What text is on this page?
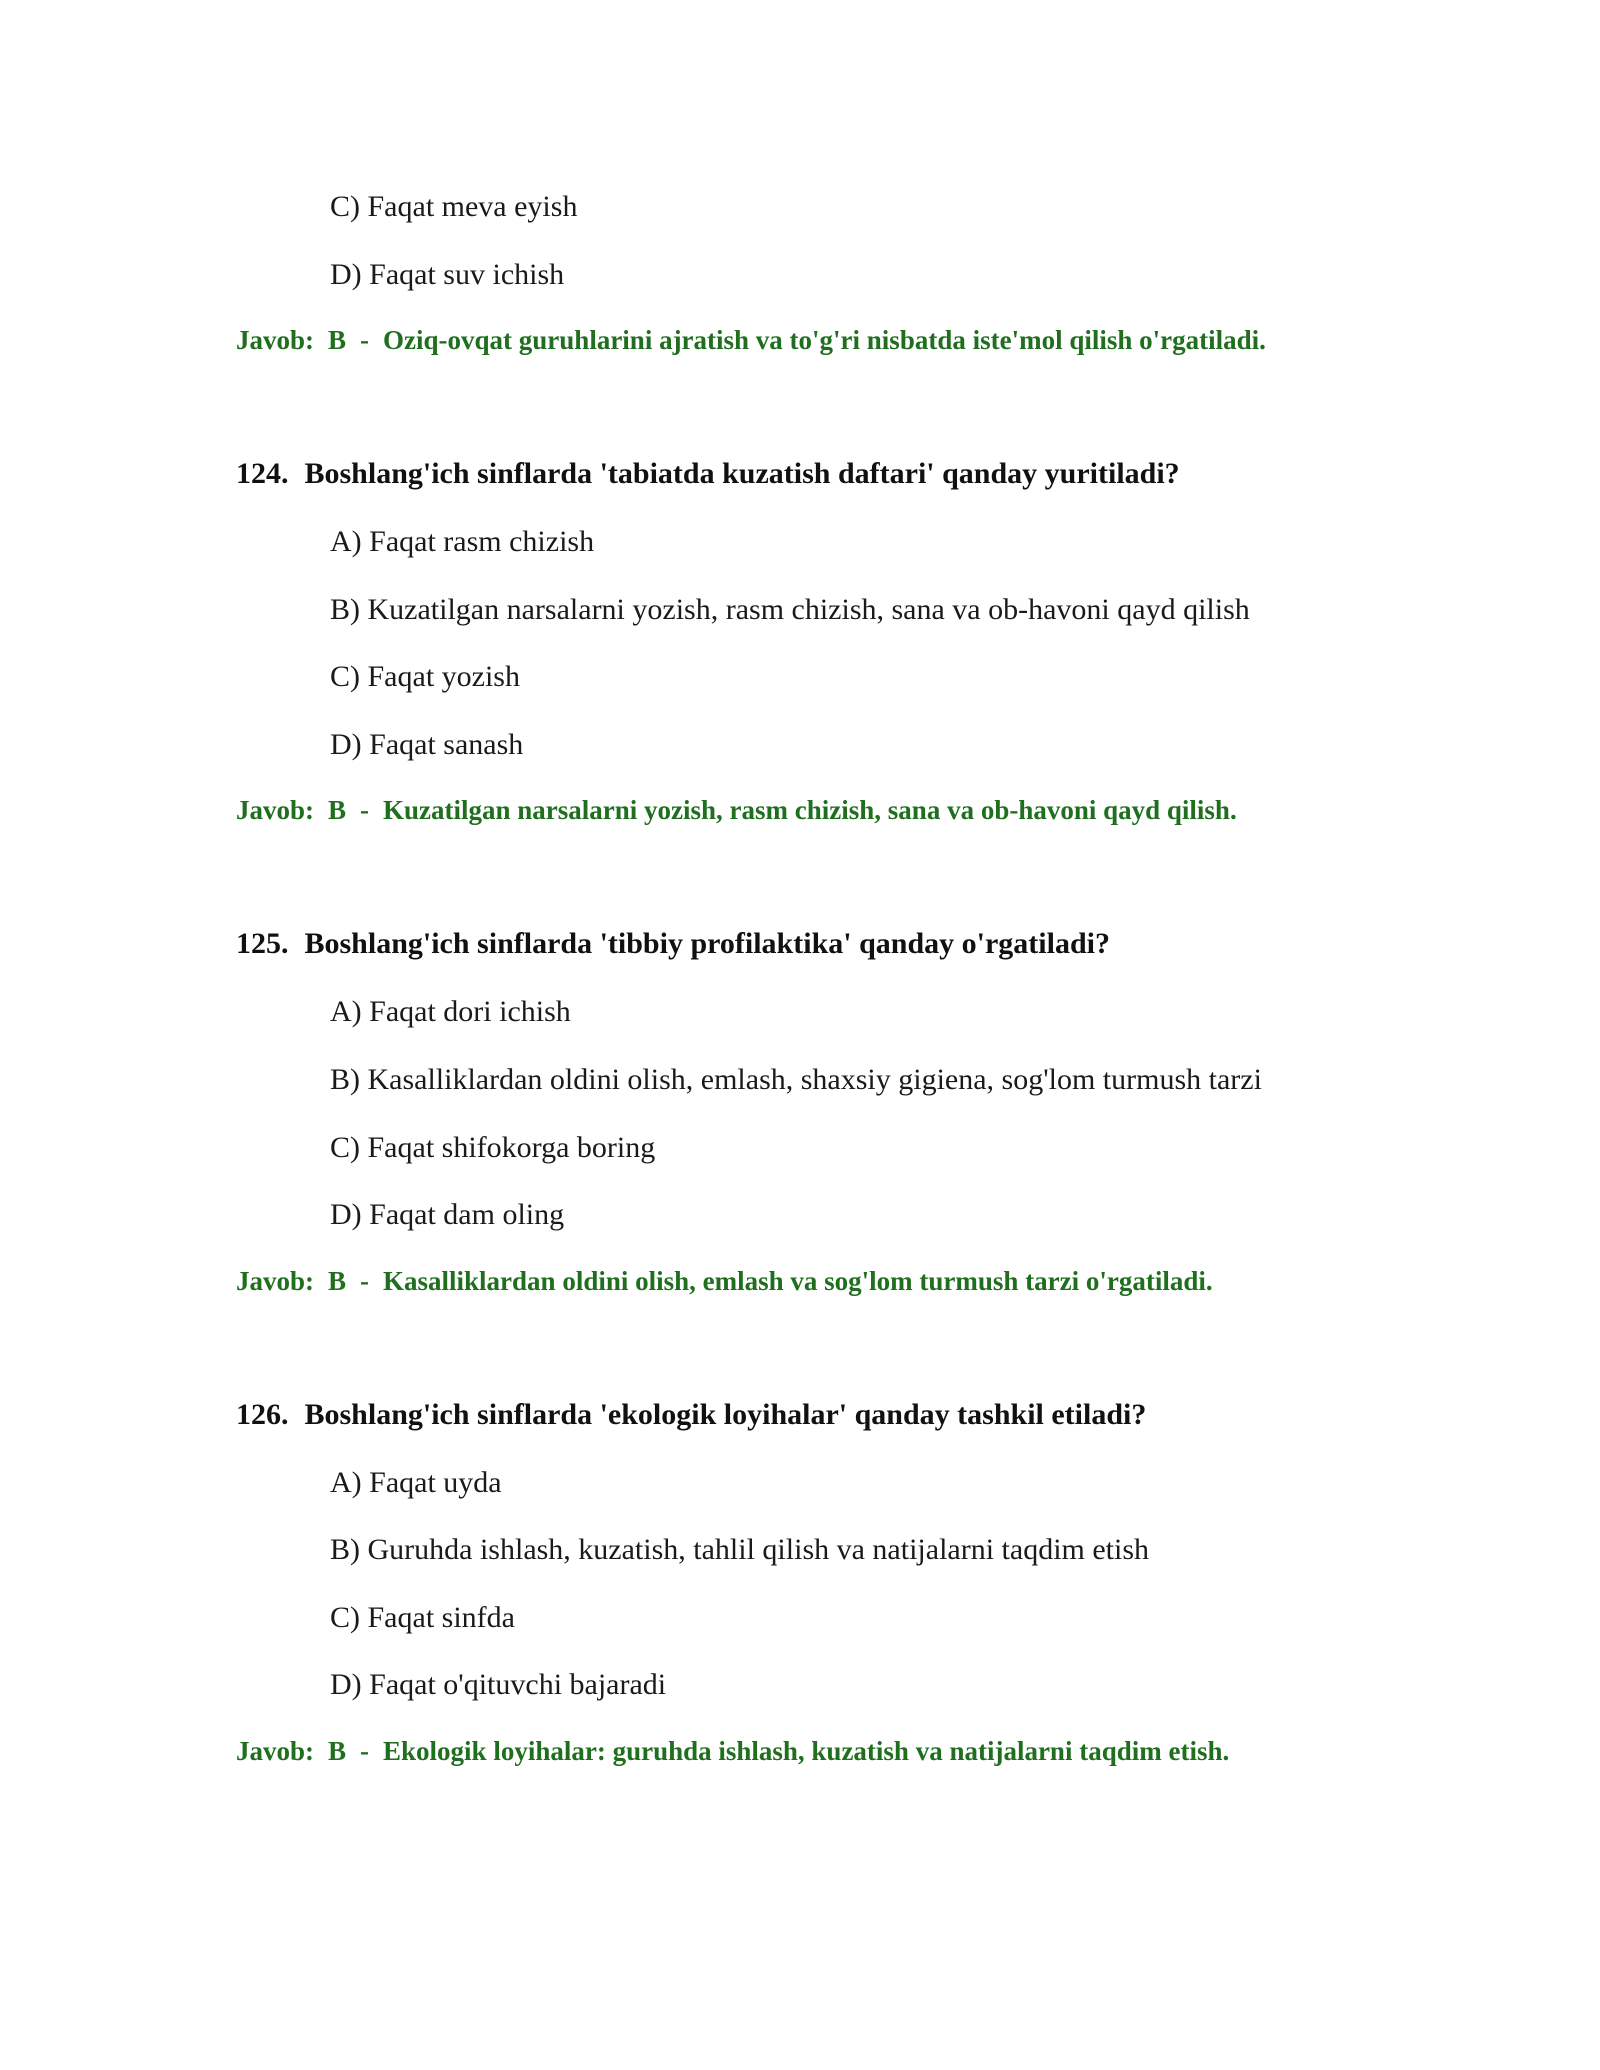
C) Faqat meva eyish
D) Faqat suv ichish
Javob: B - Oziq-ovqat guruhlarini ajratish va to'g'ri nisbatda iste'mol qilish o'rgatiladi.
124. Boshlang'ich sinflarda 'tabiatda kuzatish daftari' qanday yuritiladi?
A) Faqat rasm chizish
B) Kuzatilgan narsalarni yozish, rasm chizish, sana va ob-havoni qayd qilish
C) Faqat yozish
D) Faqat sanash
Javob: B - Kuzatilgan narsalarni yozish, rasm chizish, sana va ob-havoni qayd qilish.
125. Boshlang'ich sinflarda 'tibbiy profilaktika' qanday o'rgatiladi?
A) Faqat dori ichish
B) Kasalliklardan oldini olish, emlash, shaxsiy gigiena, sog'lom turmush tarzi
C) Faqat shifokorga boring
D) Faqat dam oling
Javob: B - Kasalliklardan oldini olish, emlash va sog'lom turmush tarzi o'rgatiladi.
126. Boshlang'ich sinflarda 'ekologik loyihalar' qanday tashkil etiladi?
A) Faqat uyda
B) Guruhda ishlash, kuzatish, tahlil qilish va natijalarni taqdim etish
C) Faqat sinfda
D) Faqat o'qituvchi bajaradi
Javob: B - Ekologik loyihalar: guruhda ishlash, kuzatish va natijalarni taqdim etish.
